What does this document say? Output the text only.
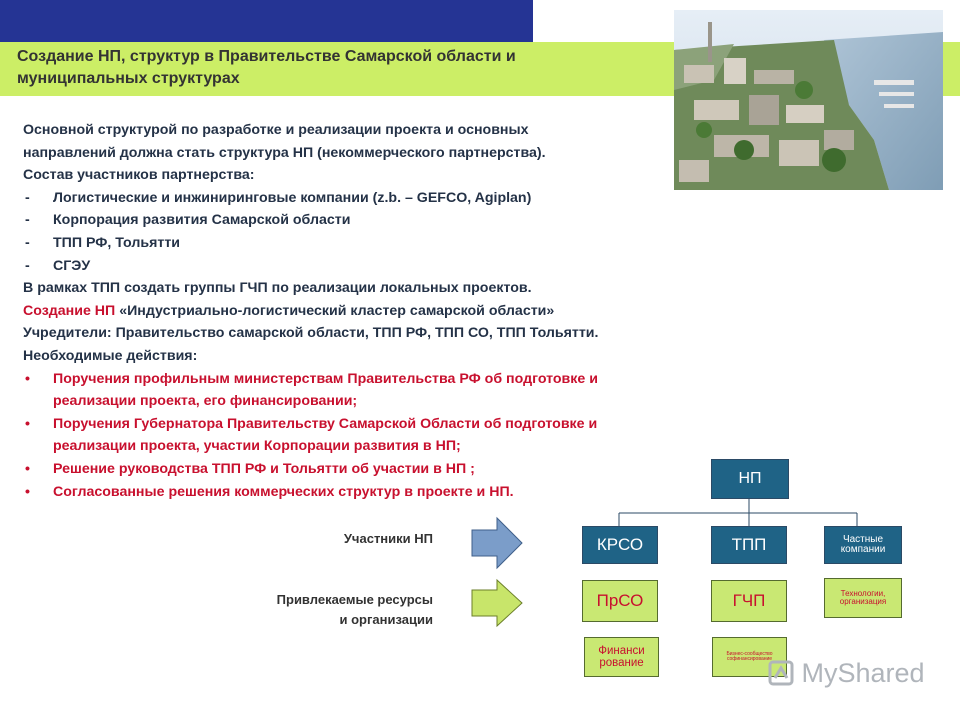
Создание НП, структур в Правительстве Самарской области и
муниципальных структурах
Основной структурой по разработке и реализации проекта и основных
направлений должна стать структура НП (некоммерческого партнерства).
Состав участников партнерства:
- Логистические и инжиниринговые компании (z.b. – GEFCO, Agiplan)
- Корпорация развития Самарской области
- ТПП РФ, Тольятти
- СГЭУ
В рамках ТПП создать группы ГЧП по реализации локальных проектов.
Создание НП «Индустриально-логистический кластер самарской области»
Учредители: Правительство самарской области, ТПП РФ, ТПП СО, ТПП Тольятти.
Необходимые действия:
• Поручения профильным министерствам Правительства РФ об подготовке и
реализации проекта, его финансировании;
• Поручения Губернатора Правительству Самарской Области об подготовке и
реализации проекта, участии Корпорации развития в НП;
• Решение руководства ТПП РФ и Тольятти об участии в НП ;
• Согласованные решения коммерческих структур в проекте и НП.
Участники НП
Привлекаемые ресурсы
и организации
НП
КРСО	ТПП	Частные
компании
ПрСО	ГЧП	Технологии,
организация
Финанси
рование
Бизнес-сообщество
софинансирование	MyShared
